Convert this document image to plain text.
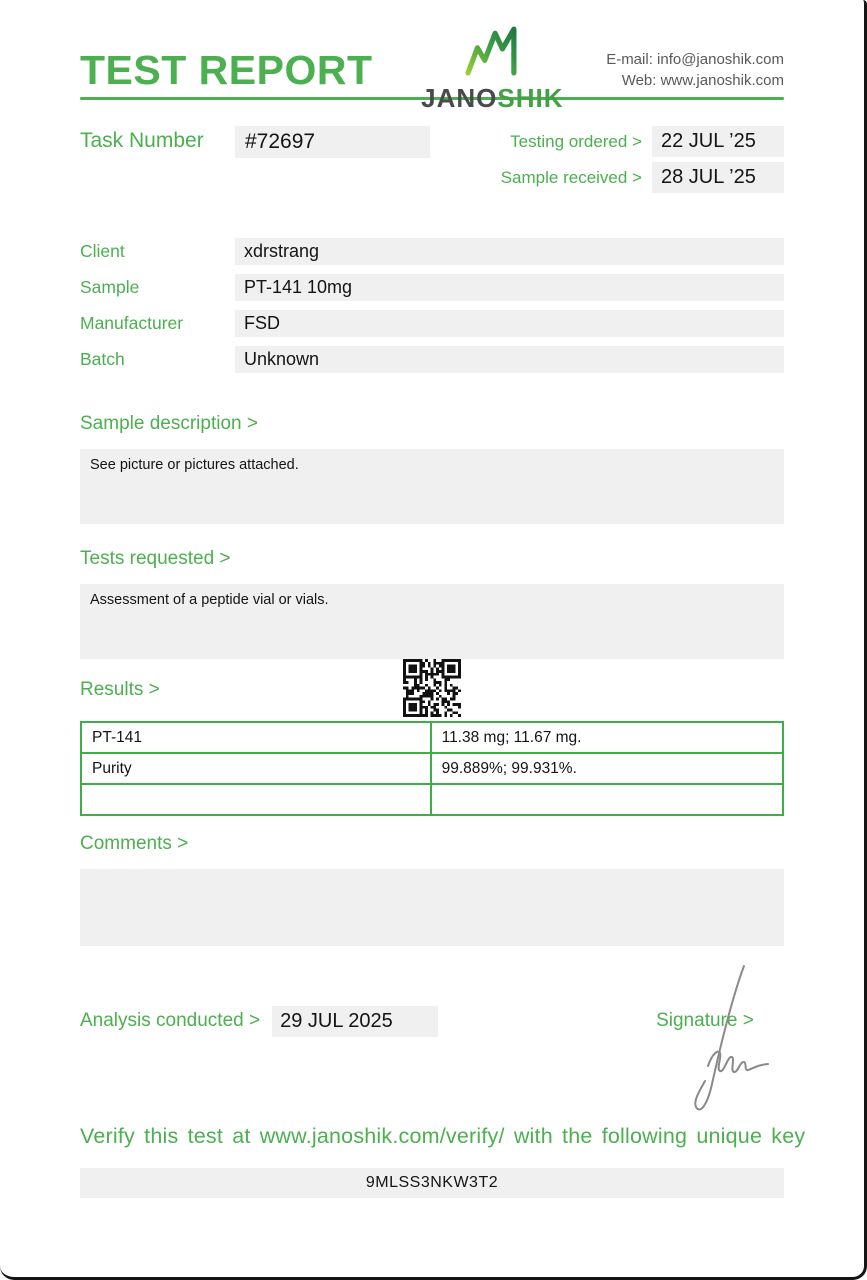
TEST REPORT
JANOSHIK
E-mail: info@janoshik.com
Web: www.janoshik.com
Task Number	#72697	Testing ordered > 22 JUL ’25
Sample received > 28 JUL ’25
Client	xdrstrang
Sample	PT-141 10mg
Manufacturer	FSD
Batch	Unknown
Sample description >
See picture or pictures attached.
Tests requested >
Assessment of a peptide vial or vials.
Results >
PT-141	11.38 mg; 11.67 mg.
Purity	99.889%; 99.931%.

Comments >
Analysis conducted >	29 JUL 2025	Signature >
Verify this test at www.janoshik.com/verify/ with the following unique key
9MLSS3NKW3T2
